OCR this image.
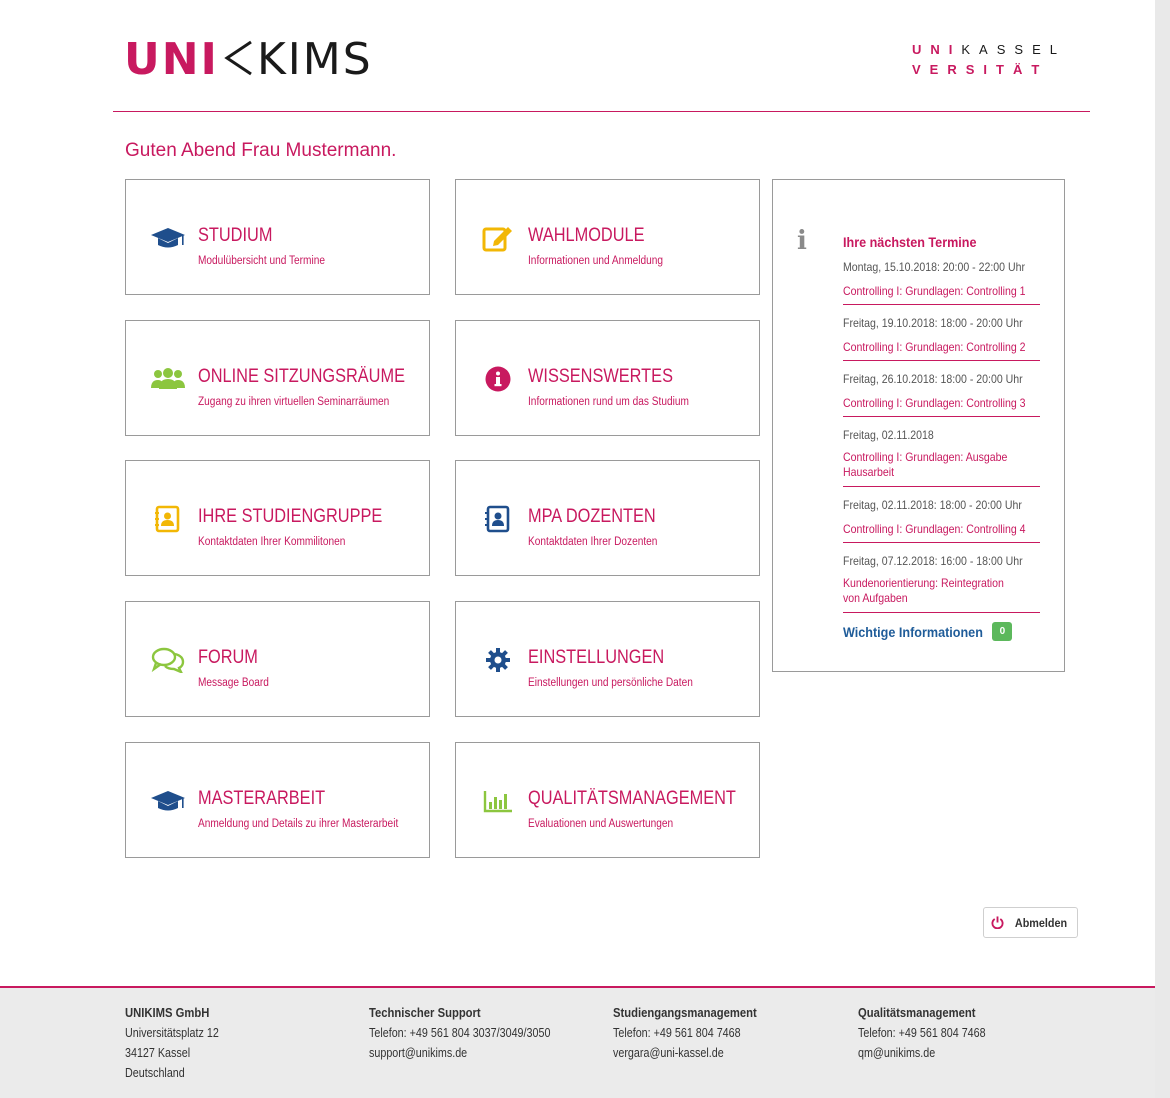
UNI KIMS	UNIKASSEL
VERSITÄT
Guten Abend Frau Mustermann.
STUDIUM
Modulübersicht und Termine
WAHLMODULE
Informationen und Anmeldung
ONLINE SITZUNGSRÄUME
Zugang zu ihren virtuellen Seminarräumen
WISSENSWERTES
Informationen rund um das Studium
IHRE STUDIENGRUPPE
Kontaktdaten Ihrer Kommilitonen
MPA DOZENTEN
Kontaktdaten Ihrer Dozenten
FORUM
Message Board
EINSTELLUNGEN
Einstellungen und persönliche Daten
MASTERARBEIT
Anmeldung und Details zu ihrer Masterarbeit
QUALITÄTSMANAGEMENT
Evaluationen und Auswertungen
i	Ihre nächsten Termine
Montag, 15.10.2018: 20:00 - 22:00 Uhr
Controlling I: Grundlagen: Controlling 1
Freitag, 19.10.2018: 18:00 - 20:00 Uhr
Controlling I: Grundlagen: Controlling 2
Freitag, 26.10.2018: 18:00 - 20:00 Uhr
Controlling I: Grundlagen: Controlling 3
Freitag, 02.11.2018
Controlling I: Grundlagen: Ausgabe Hausarbeit
Freitag, 02.11.2018: 18:00 - 20:00 Uhr
Controlling I: Grundlagen: Controlling 4
Freitag, 07.12.2018: 16:00 - 18:00 Uhr
Kundenorientierung: Reintegration von Aufgaben
Wichtige Informationen	0
Abmelden
UNIKIMS GmbH
Universitätsplatz 12
34127 Kassel
Deutschland
Technischer Support
Telefon: +49 561 804 3037/3049/3050
support@unikims.de
Studiengangsmanagement
Telefon: +49 561 804 7468
vergara@uni-kassel.de
Qualitätsmanagement
Telefon: +49 561 804 7468
qm@unikims.de
